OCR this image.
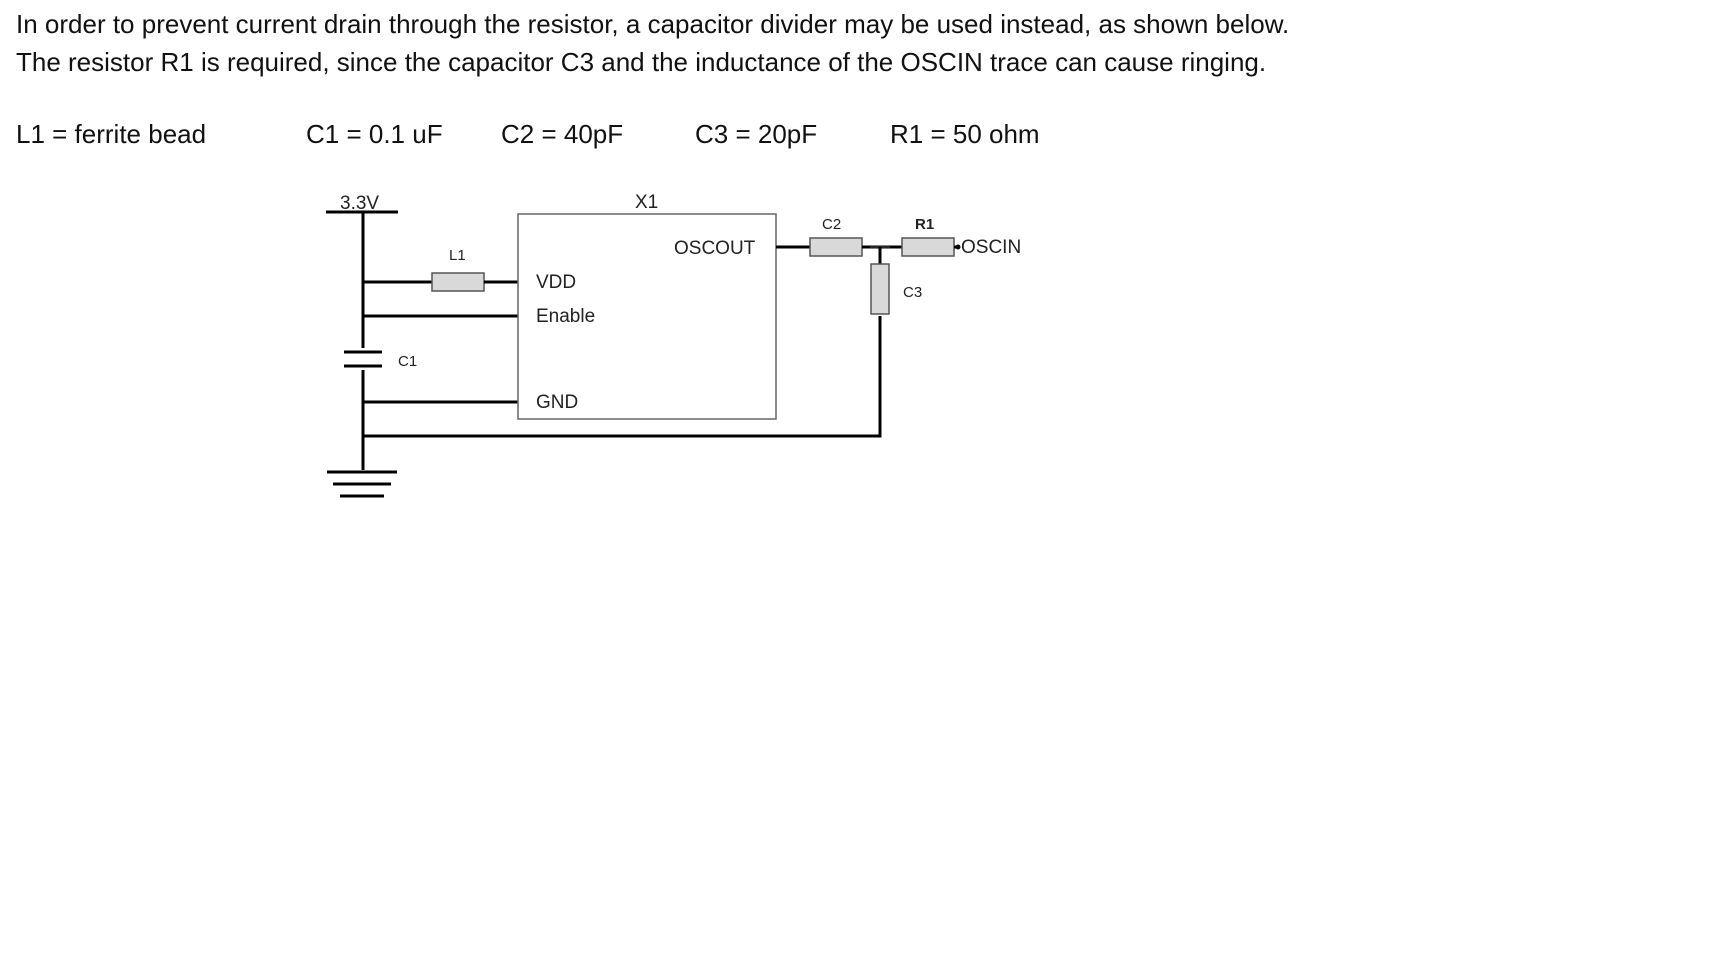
In order to prevent current drain through the resistor, a capacitor divider may be used instead, as shown below.
The resistor R1 is required, since the capacitor C3 and the inductance of the OSCIN trace can cause ringing.
L1 = ferrite bead	C1 = 0.1 uF C2 = 40pF	C3 = 20pF	R1 = 50 ohm
3.3V
L1
C1
X1
VDD
Enable
GND
OSCOUT
C2	R1
OSCIN
C3
